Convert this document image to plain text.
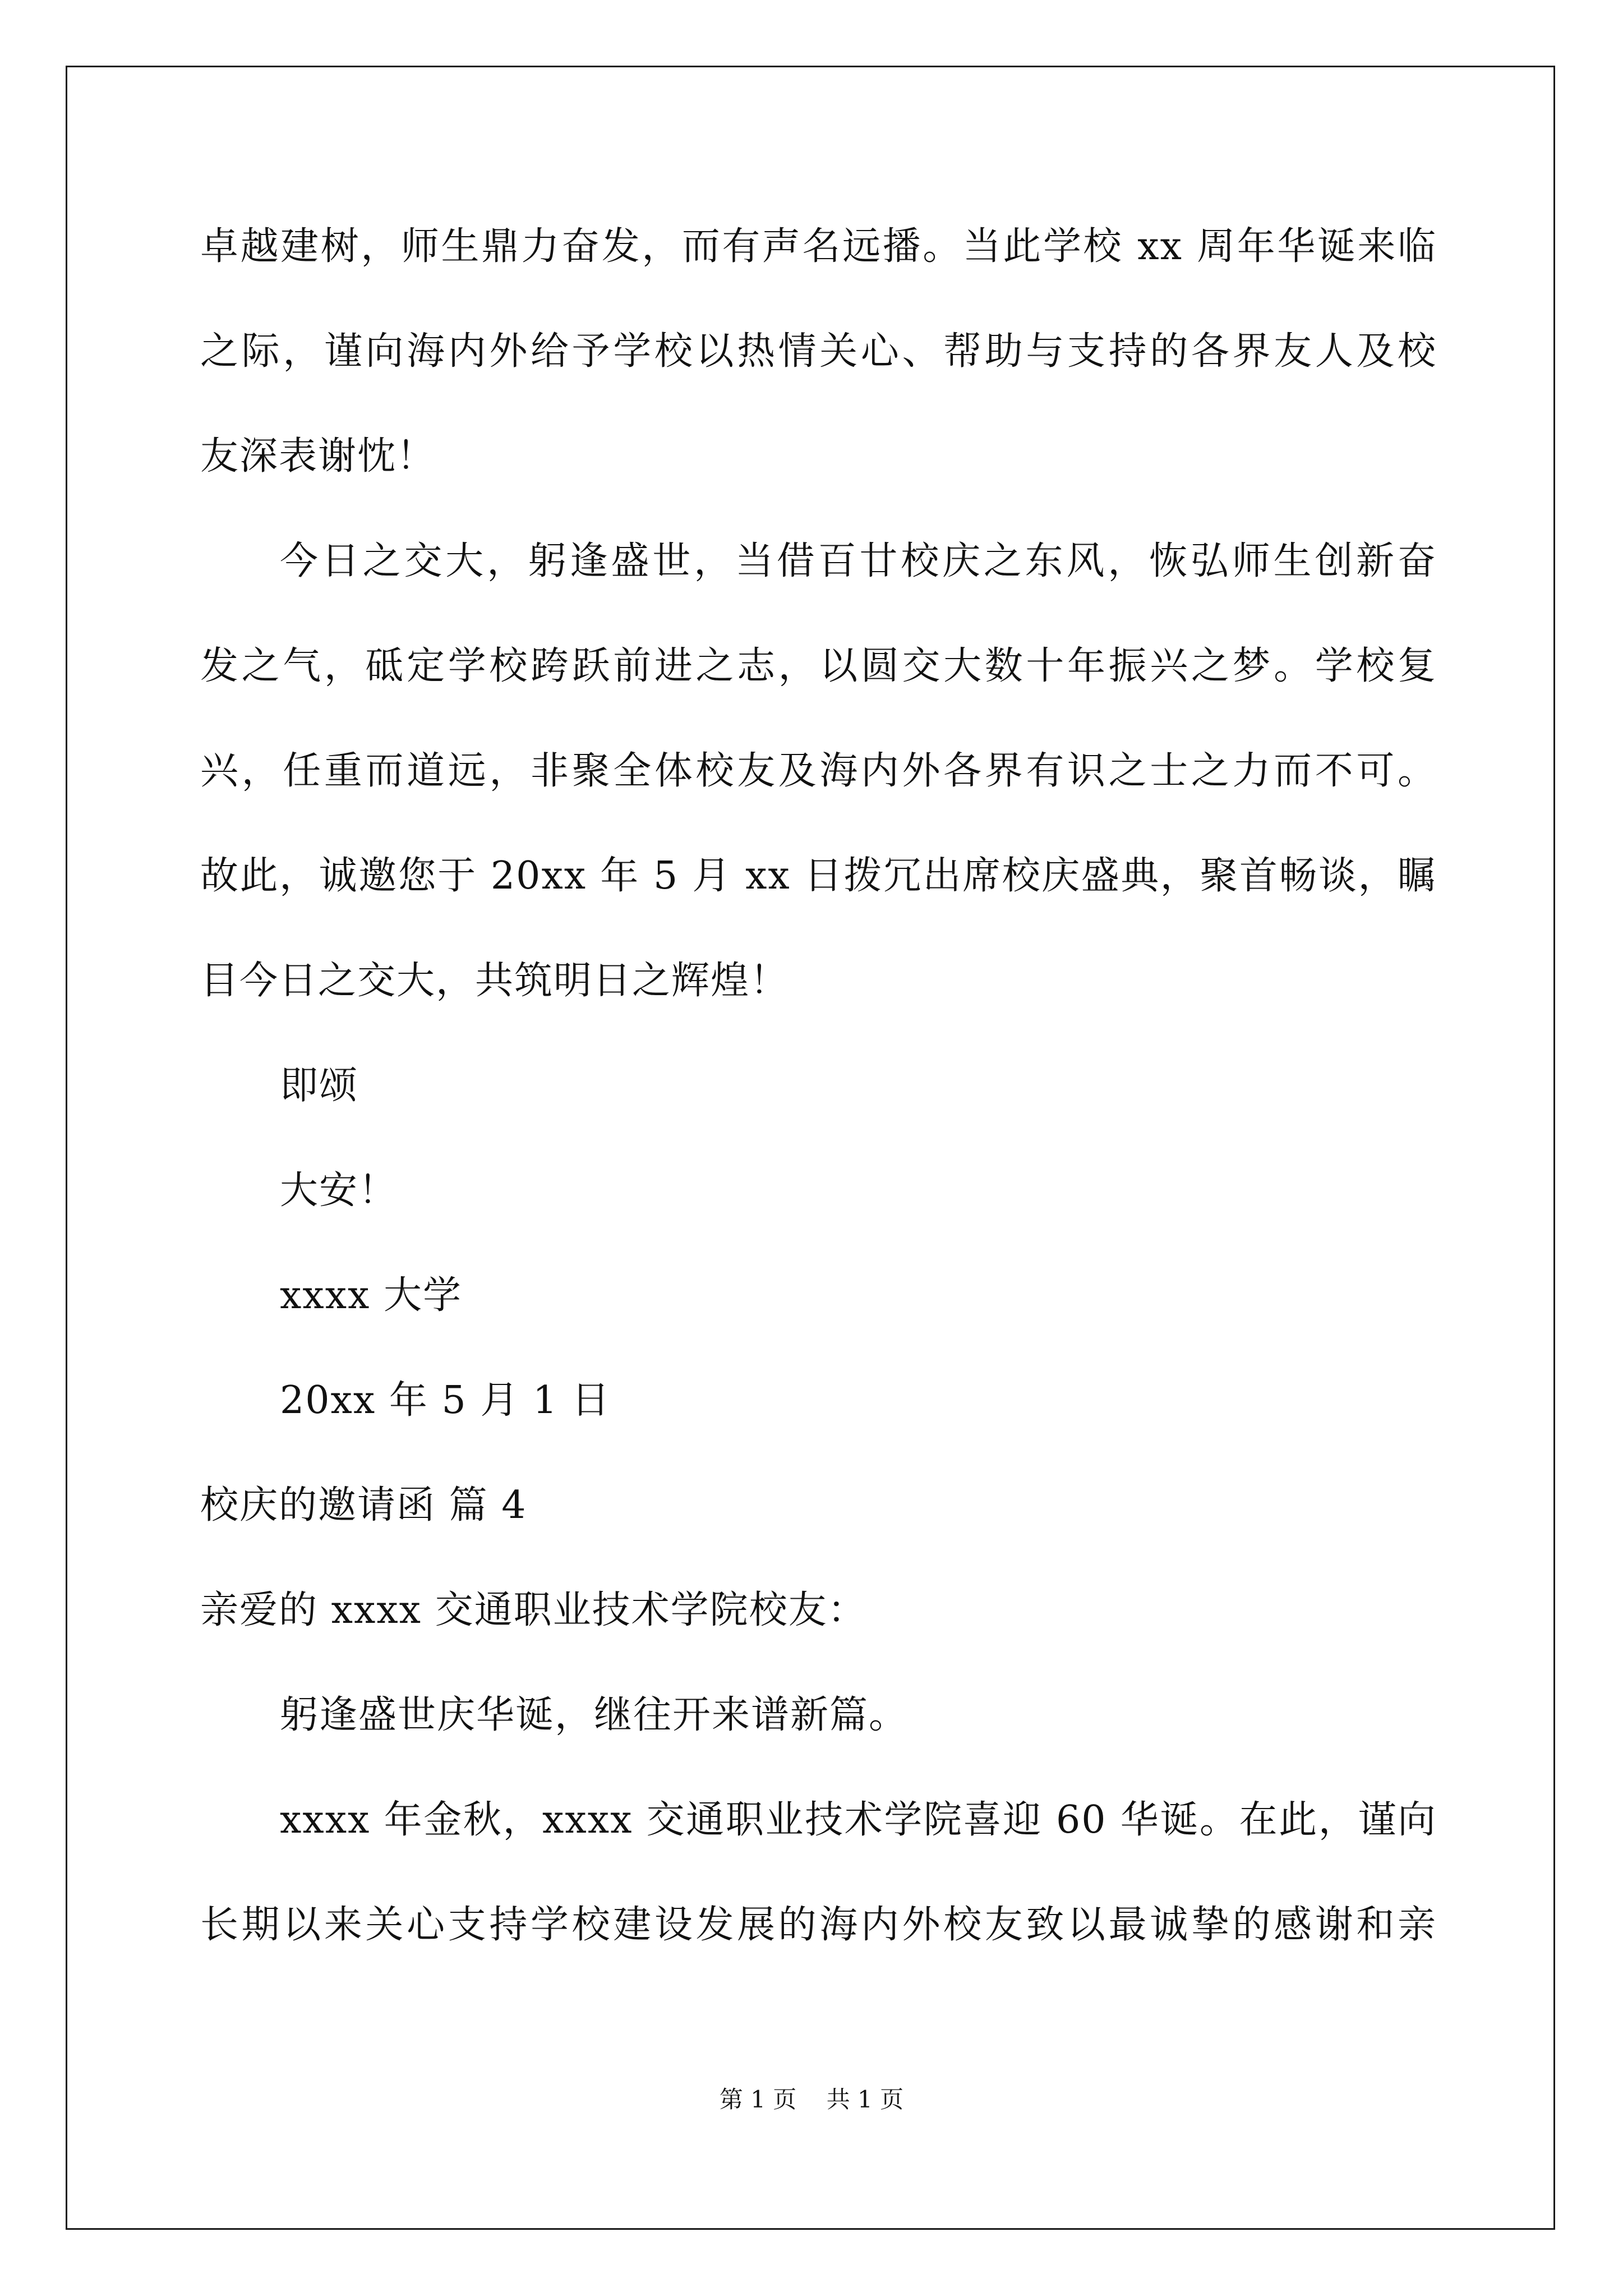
卓越建树，师生鼎力奋发，而有声名远播。当此学校 xx 周年华诞来临
之际，谨向海内外给予学校以热情关心、帮助与支持的各界友人及校
友深表谢忱！
今日之交大，躬逢盛世，当借百廿校庆之东风，恢弘师生创新奋
发之气，砥定学校跨跃前进之志，以圆交大数十年振兴之梦。学校复
兴，任重而道远，非聚全体校友及海内外各界有识之士之力而不可。
故此，诚邀您于 20xx 年 5 月 xx 日拨冗出席校庆盛典，聚首畅谈，瞩
目今日之交大，共筑明日之辉煌！
即颂
大安！
xxxx 大学
20xx 年 5 月 1 日
校庆的邀请函 篇 4
亲爱的 xxxx 交通职业技术学院校友：
躬逢盛世庆华诞，继往开来谱新篇。
xxxx 年金秋，xxxx 交通职业技术学院喜迎 60 华诞。在此，谨向
长期以来关心支持学校建设发展的海内外校友致以最诚挚的感谢和亲
第 1 页    共 1 页
